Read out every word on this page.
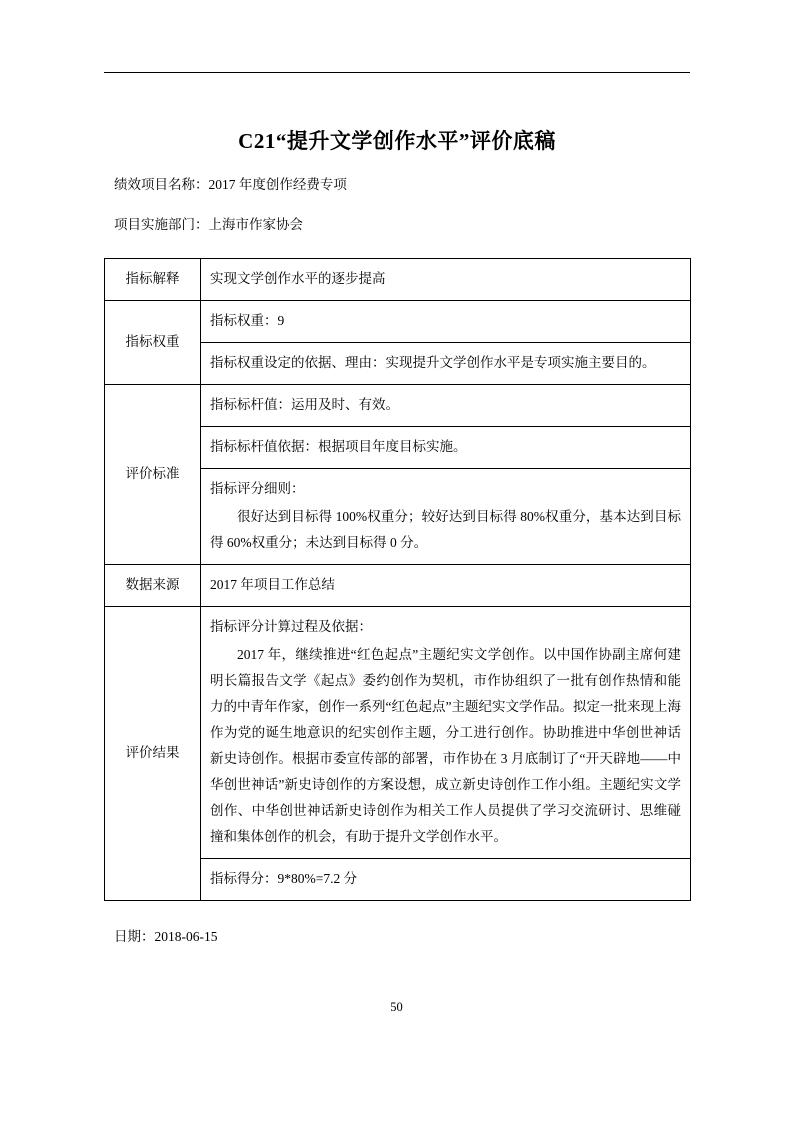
C21“提升文学创作水平”评价底稿
绩效项目名称：2017 年度创作经费专项
项目实施部门：上海市作家协会
指标解释	实现文学创作水平的逐步提高
指标权重	指标权重：9
	指标权重设定的依据、理由：实现提升文学创作水平是专项实施主要目的。
评价标准	指标标杆值：运用及时、有效。
	指标标杆值依据：根据项目年度目标实施。

	指标评分细则：

很好达到目标得 100%权重分；较好达到目标得 80%权重分，基本达到目标得 60%权重分；未达到目标得 0 分。

数据来源	2017 年项目工作总结
评价结果	指标评分计算过程及依据：

2017 年，继续推进“红色起点”主题纪实文学创作。以中国作协副主席何建明长篇报告文学《起点》委约创作为契机，市作协组织了一批有创作热情和能力的中青年作家，创作一系列“红色起点”主题纪实文学作品。拟定一批来现上海作为党的诞生地意识的纪实创作主题，分工进行创作。协助推进中华创世神话新史诗创作。根据市委宣传部的部署，市作协在 3 月底制订了“开天辟地——中华创世神话”新史诗创作的方案设想，成立新史诗创作工作小组。主题纪实文学创作、中华创世神话新史诗创作为相关工作人员提供了学习交流研讨、思维碰撞和集体创作的机会，有助于提升文学创作水平。

	指标得分：9*80%=7.2 分
日期：2018-06-15
50
